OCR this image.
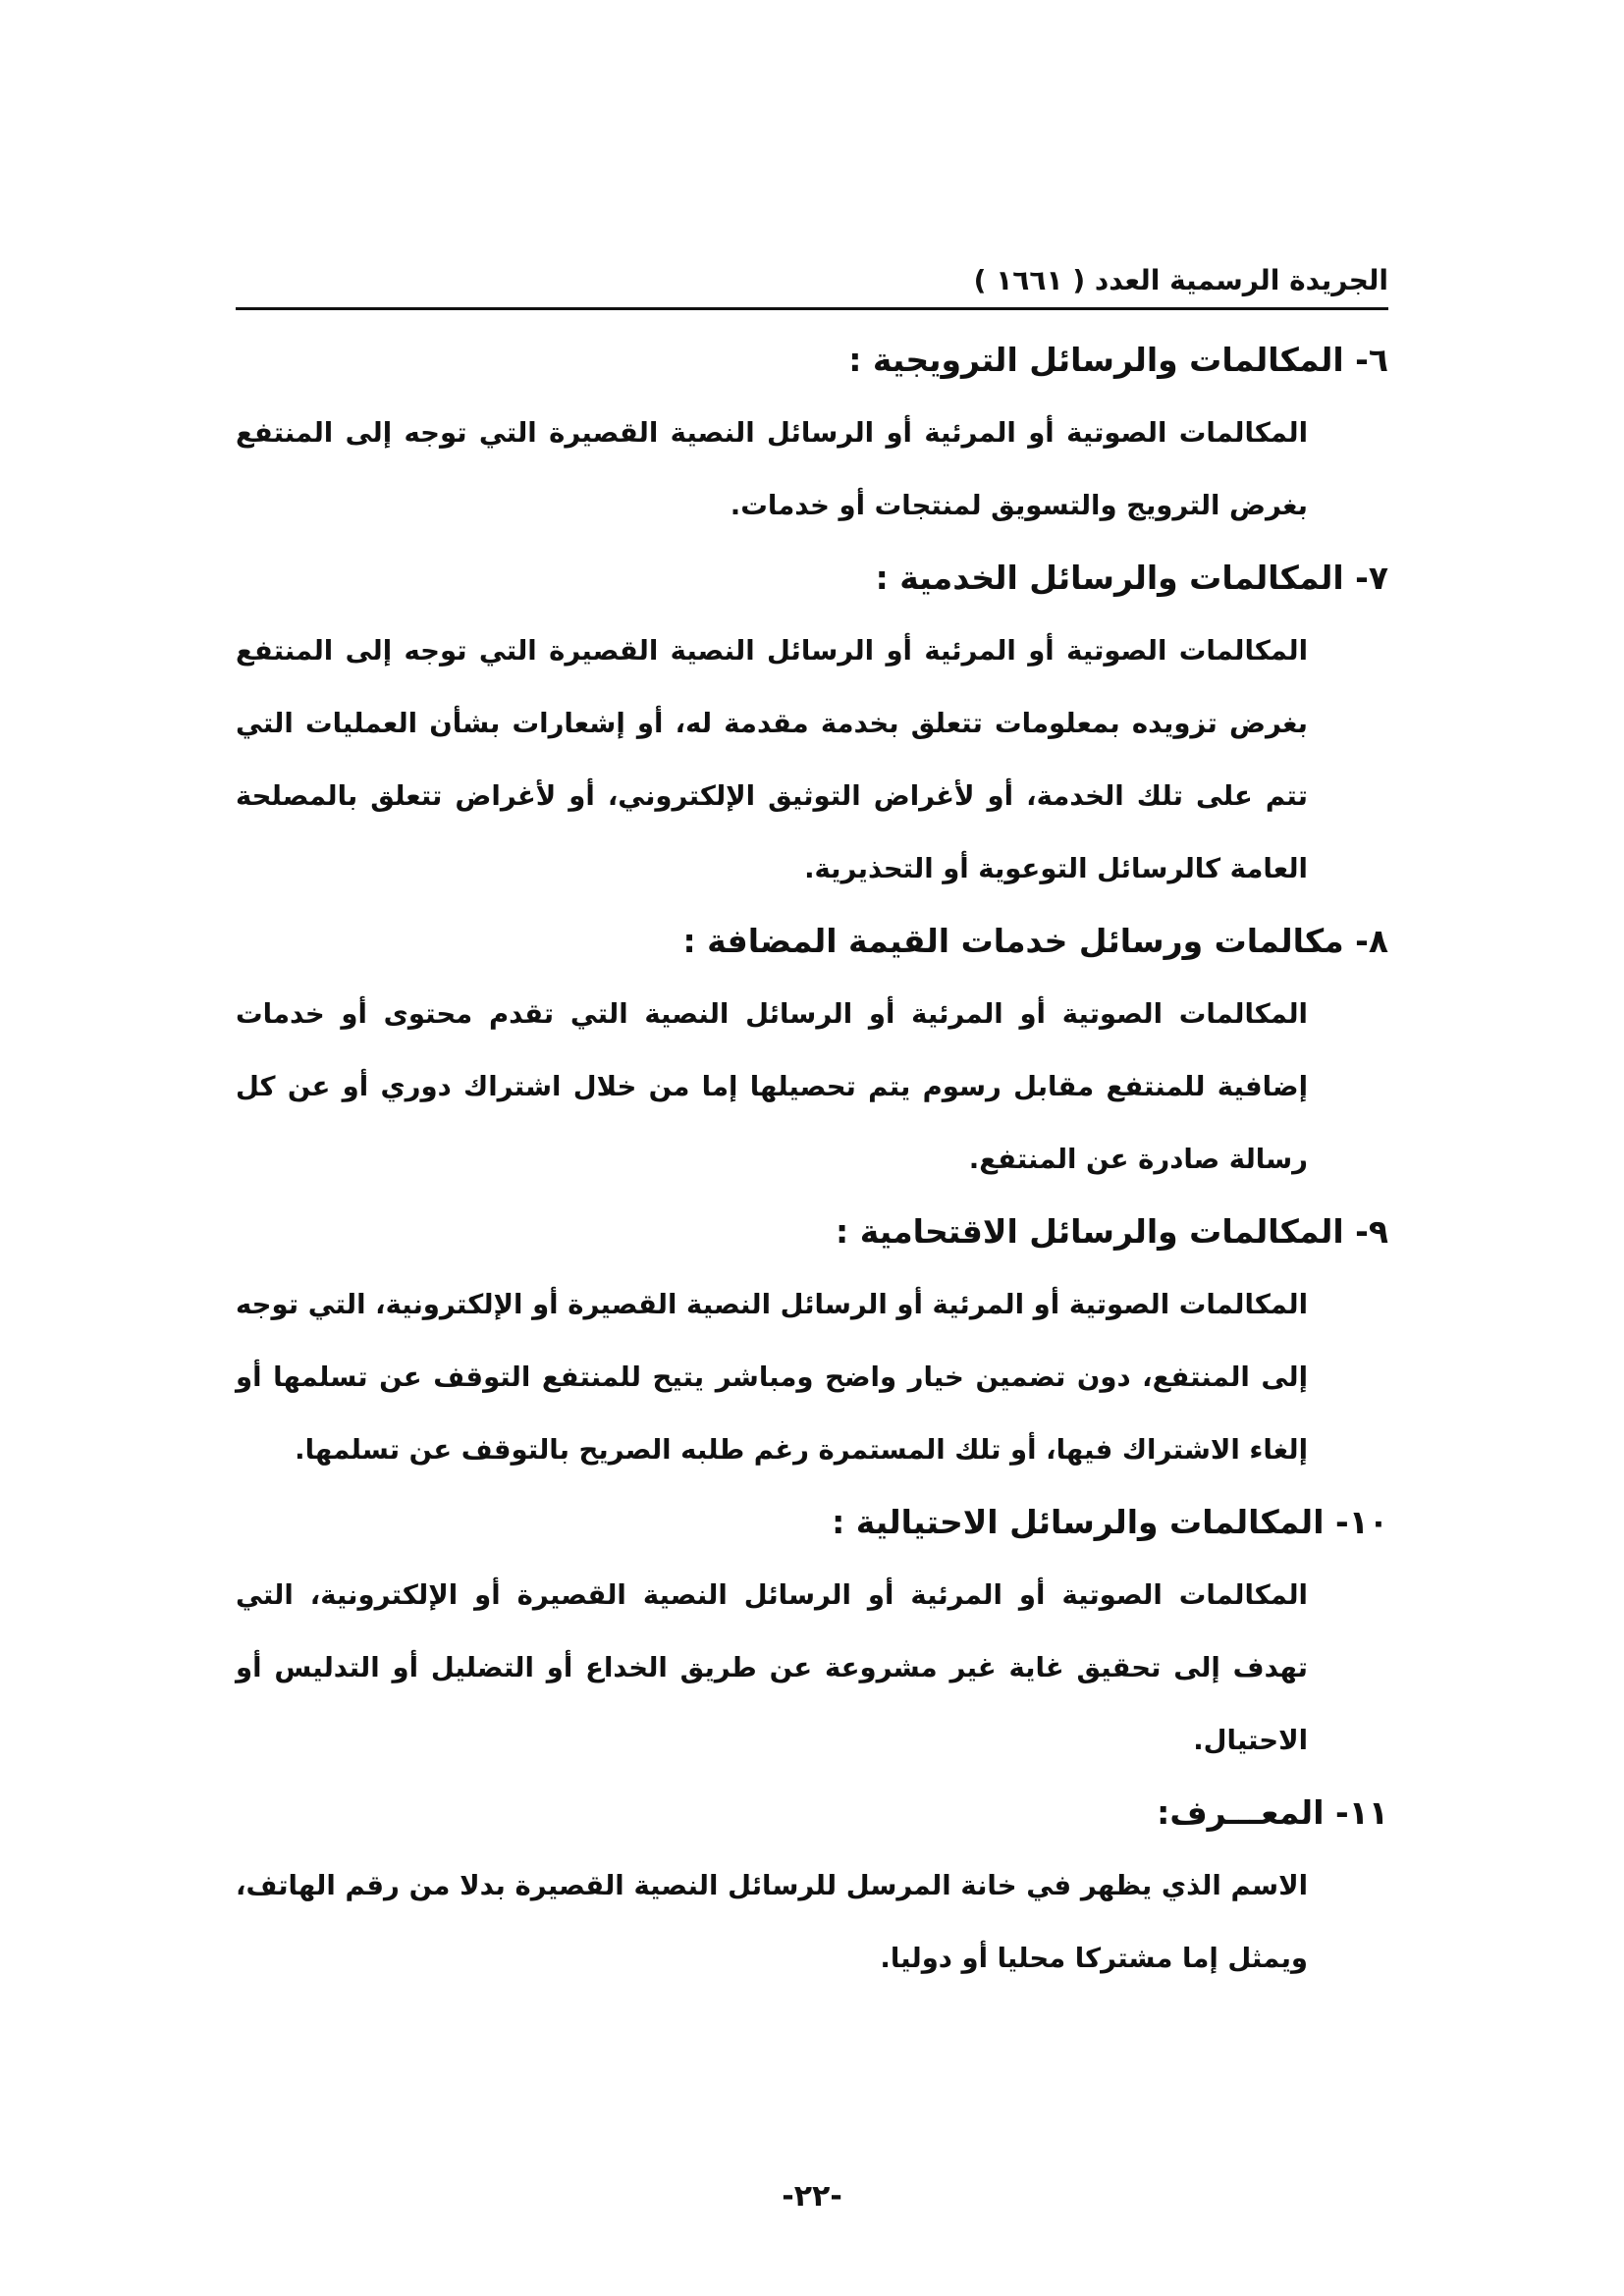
الجريدة الرسمية العدد ( ١٦٦١ )

٦- المكالمات والرسائل الترويجية :

المكالمات الصوتية أو المرئية أو الرسائل النصية القصيرة التي توجه إلى المنتفع بغرض الترويج والتسويق لمنتجات أو خدمات.

٧- المكالمات والرسائل الخدمية :

المكالمات الصوتية أو المرئية أو الرسائل النصية القصيرة التي توجه إلى المنتفع بغرض تزويده بمعلومات تتعلق بخدمة مقدمة له، أو إشعارات بشأن العمليات التي تتم على تلك الخدمة، أو لأغراض التوثيق الإلكتروني، أو لأغراض تتعلق بالمصلحة العامة كالرسائل التوعوية أو التحذيرية.

٨- مكالمات ورسائل خدمات القيمة المضافة :

المكالمات الصوتية أو المرئية أو الرسائل النصية التي تقدم محتوى أو خدمات إضافية للمنتفع مقابل رسوم يتم تحصيلها إما من خلال اشتراك دوري أو عن كل رسالة صادرة عن المنتفع.

٩- المكالمات والرسائل الاقتحامية :

المكالمات الصوتية أو المرئية أو الرسائل النصية القصيرة أو الإلكترونية، التي توجه إلى المنتفع، دون تضمين خيار واضح ومباشر يتيح للمنتفع التوقف عن تسلمها أو إلغاء الاشتراك فيها، أو تلك المستمرة رغم طلبه الصريح بالتوقف عن تسلمها.

١٠- المكالمات والرسائل الاحتيالية :

المكالمات الصوتية أو المرئية أو الرسائل النصية القصيرة أو الإلكترونية، التي تهدف إلى تحقيق غاية غير مشروعة عن طريق الخداع أو التضليل أو التدليس أو الاحتيال.

١١- المعـــرف:

الاسم الذي يظهر في خانة المرسل للرسائل النصية القصيرة بدلا من رقم الهاتف، ويمثل إما مشتركا محليا أو دوليا.

-٢٢-
